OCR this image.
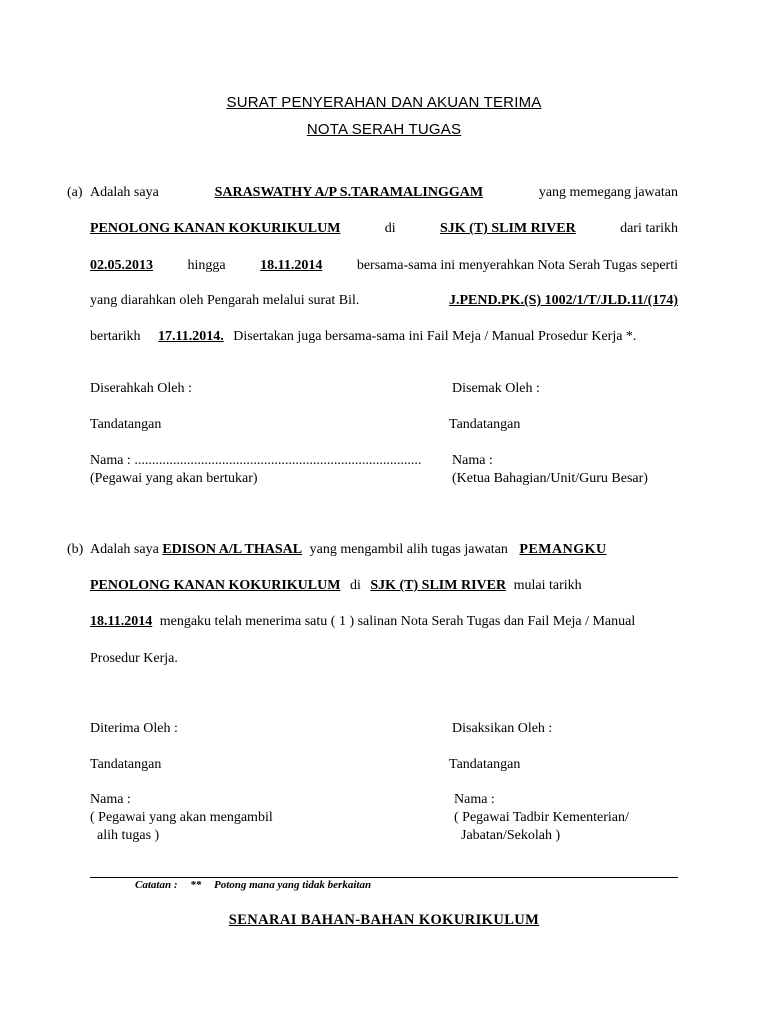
SURAT PENYERAHAN DAN AKUAN TERIMA
NOTA SERAH TUGAS
(a) Adalah saya	SARASWATHY A/P S.TARAMALINGGAM	yang memegang jawatan
PENOLONG KANAN KOKURIKULUM	di	SJK (T) SLIM RIVER	dari tarikh
02.05.2013 hingga 18.11.2014 bersama-sama ini menyerahkan Nota Serah Tugas seperti
yang diarahkan oleh Pengarah melalui surat Bil.	J.PEND.PK.(S) 1002/1/T/JLD.11/(174)
bertarikh 17.11.2014. Disertakan juga bersama-sama ini Fail Meja / Manual Prosedur Kerja *.
Diserahkah Oleh :	Disemak Oleh :
Tandatangan	Tandatangan
Nama : .................................................................................. Nama :
(Pegawai yang akan bertukar)	(Ketua Bahagian/Unit/Guru Besar)
(b) Adalah saya EDISON A/L THASAL yang mengambil alih tugas jawatan PEMANGKU
PENOLONG KANAN KOKURIKULUM di SJK (T) SLIM RIVER mulai tarikh
18.11.2014 mengaku telah menerima satu ( 1 ) salinan Nota Serah Tugas dan Fail Meja / Manual
Prosedur Kerja.
Diterima Oleh :	Disaksikan Oleh :
Tandatangan	Tandatangan
Nama :	Nama :
( Pegawai yang akan mengambil	( Pegawai Tadbir Kementerian/
alih tugas )	Jabatan/Sekolah )
Catatan : ** Potong mana yang tidak berkaitan
SENARAI BAHAN-BAHAN KOKURIKULUM
